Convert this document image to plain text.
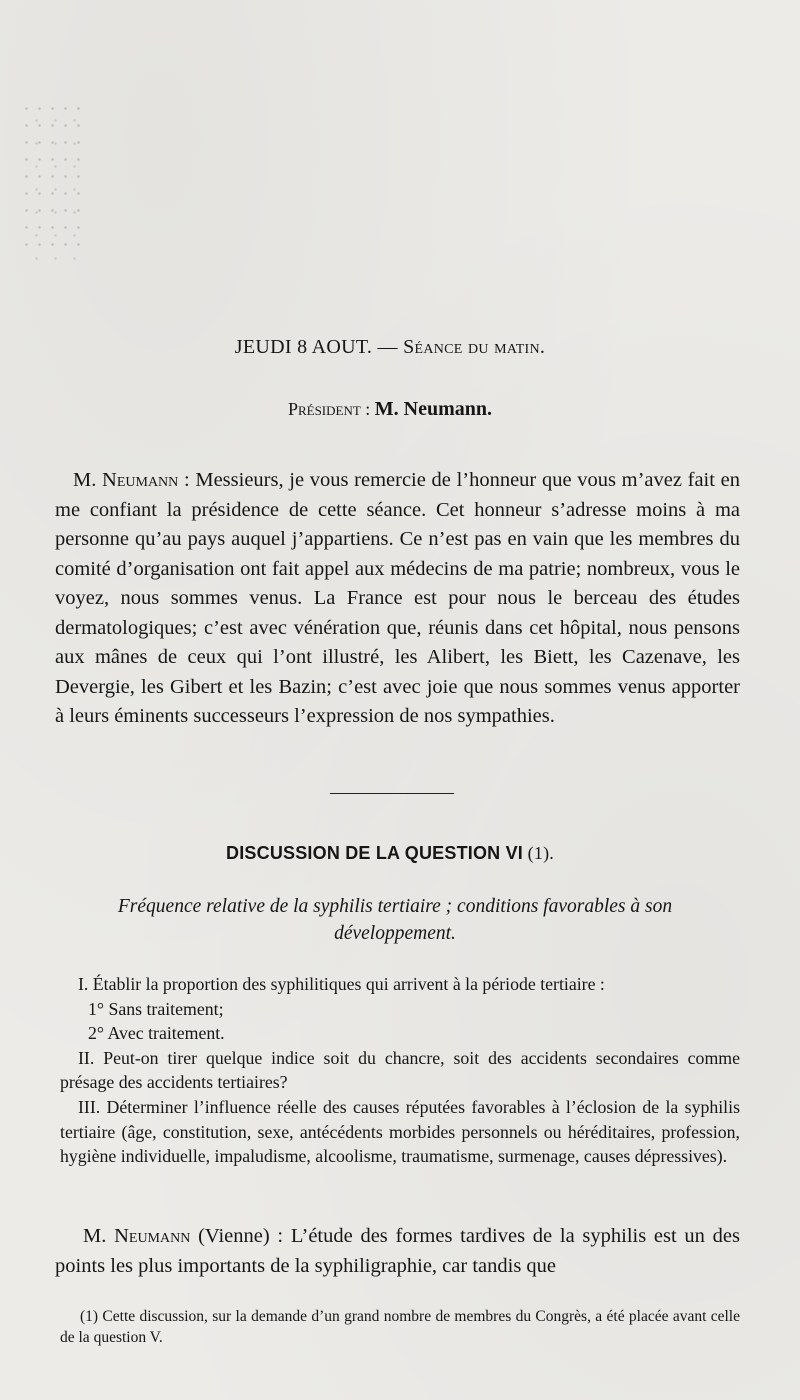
JEUDI 8 AOUT. — Séance du matin.

Président : M. Neumann.

M. Neumann : Messieurs, je vous remercie de l’honneur que vous m’avez fait en me confiant la présidence de cette séance. Cet honneur s’adresse moins à ma personne qu’au pays auquel j’appartiens. Ce n’est pas en vain que les membres du comité d’organisation ont fait appel aux médecins de ma patrie; nombreux, vous le voyez, nous sommes venus. La France est pour nous le berceau des études dermatologiques; c’est avec vénération que, réunis dans cet hôpital, nous pensons aux mânes de ceux qui l’ont illustré, les Alibert, les Biett, les Cazenave, les Devergie, les Gibert et les Bazin; c’est avec joie que nous sommes venus apporter à leurs éminents successeurs l’expression de nos sympathies.

DISCUSSION DE LA QUESTION VI (1).

Fréquence relative de la syphilis tertiaire ; conditions favorables à son développement.

I. Établir la proportion des syphilitiques qui arrivent à la période tertiaire :

1° Sans traitement;

2° Avec traitement.

II. Peut-on tirer quelque indice soit du chancre, soit des accidents secondaires comme présage des accidents tertiaires?

III. Déterminer l’influence réelle des causes réputées favorables à l’éclosion de la syphilis tertiaire (âge, constitution, sexe, antécédents morbides personnels ou héréditaires, profession, hygiène individuelle, impaludisme, alcoolisme, traumatisme, surmenage, causes dépressives).

M. Neumann (Vienne) : L’étude des formes tardives de la syphilis est un des points les plus importants de la syphiligraphie, car tandis que

(1) Cette discussion, sur la demande d’un grand nombre de membres du Congrès, a été placée avant celle de la question V.
